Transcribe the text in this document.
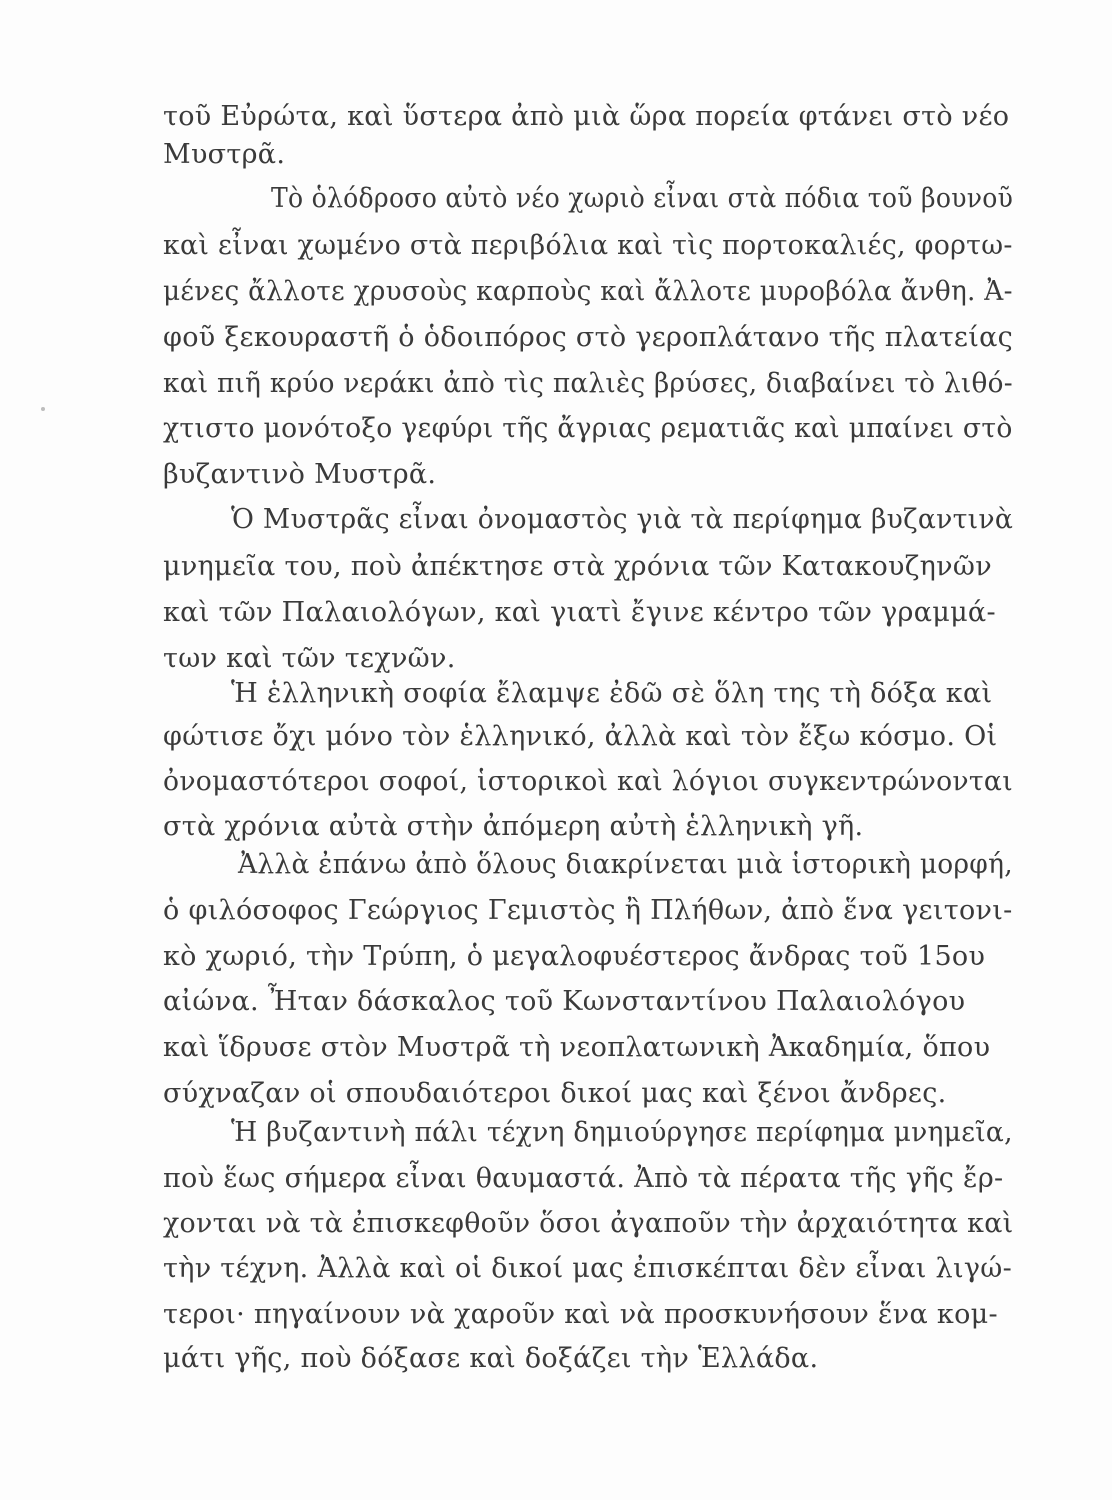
τοῦ Εὐρώτα, καὶ ὕστερα ἀπὸ μιὰ ὥρα πορεία φτάνει στὸ νέο
Μυστρᾶ.
Τὸ ὁλόδροσο αὐτὸ νέο χωριὸ εἶναι στὰ πόδια τοῦ βουνοῦ
καὶ εἶναι χωμένο στὰ περιβόλια καὶ τὶς πορτοκαλιές, φορτω-
μένες ἄλλοτε χρυσοὺς καρποὺς καὶ ἄλλοτε μυροβόλα ἄνθη. Ἀ-
φοῦ ξεκουραστῆ ὁ ὁδοιπόρος στὸ γεροπλάτανο τῆς πλατείας
καὶ πιῆ κρύο νεράκι ἀπὸ τὶς παλιὲς βρύσες, διαβαίνει τὸ λιθό-
χτιστο μονότοξο γεφύρι τῆς ἄγριας ρεματιᾶς καὶ μπαίνει στὸ
βυζαντινὸ Μυστρᾶ.
Ὁ Μυστρᾶς εἶναι ὀνομαστὸς γιὰ τὰ περίφημα βυζαντινὰ
μνημεῖα του, ποὺ ἀπέκτησε στὰ χρόνια τῶν Κατακουζηνῶν
καὶ τῶν Παλαιολόγων, καὶ γιατὶ ἔγινε κέντρο τῶν γραμμά-
των καὶ τῶν τεχνῶν.
Ἡ ἑλληνικὴ σοφία ἔλαμψε ἐδῶ σὲ ὅλη της τὴ δόξα καὶ
φώτισε ὄχι μόνο τὸν ἑλληνικό, ἀλλὰ καὶ τὸν ἔξω κόσμο. Οἱ
ὀνομαστότεροι σοφοί, ἱστορικοὶ καὶ λόγιοι συγκεντρώνονται
στὰ χρόνια αὐτὰ στὴν ἀπόμερη αὐτὴ ἑλληνικὴ γῆ.
Ἀλλὰ ἐπάνω ἀπὸ ὅλους διακρίνεται μιὰ ἱστορικὴ μορφή,
ὁ φιλόσοφος Γεώργιος Γεμιστὸς ἢ Πλήθων, ἀπὸ ἕνα γειτονι-
κὸ χωριό, τὴν Τρύπη, ὁ μεγαλοφυέστερος ἄνδρας τοῦ 15ου
αἰώνα. Ἦταν δάσκαλος τοῦ Κωνσταντίνου Παλαιολόγου
καὶ ἵδρυσε στὸν Μυστρᾶ τὴ νεοπλατωνικὴ Ἀκαδημία, ὅπου
σύχναζαν οἱ σπουδαιότεροι δικοί μας καὶ ξένοι ἄνδρες.
Ἡ βυζαντινὴ πάλι τέχνη δημιούργησε περίφημα μνημεῖα,
ποὺ ἕως σήμερα εἶναι θαυμαστά. Ἀπὸ τὰ πέρατα τῆς γῆς ἔρ-
χονται νὰ τὰ ἐπισκεφθοῦν ὅσοι ἀγαποῦν τὴν ἀρχαιότητα καὶ
τὴν τέχνη. Ἀλλὰ καὶ οἱ δικοί μας ἐπισκέπται δὲν εἶναι λιγώ-
τεροι· πηγαίνουν νὰ χαροῦν καὶ νὰ προσκυνήσουν ἕνα κομ-
μάτι γῆς, ποὺ δόξασε καὶ δοξάζει τὴν Ἑλλάδα.
